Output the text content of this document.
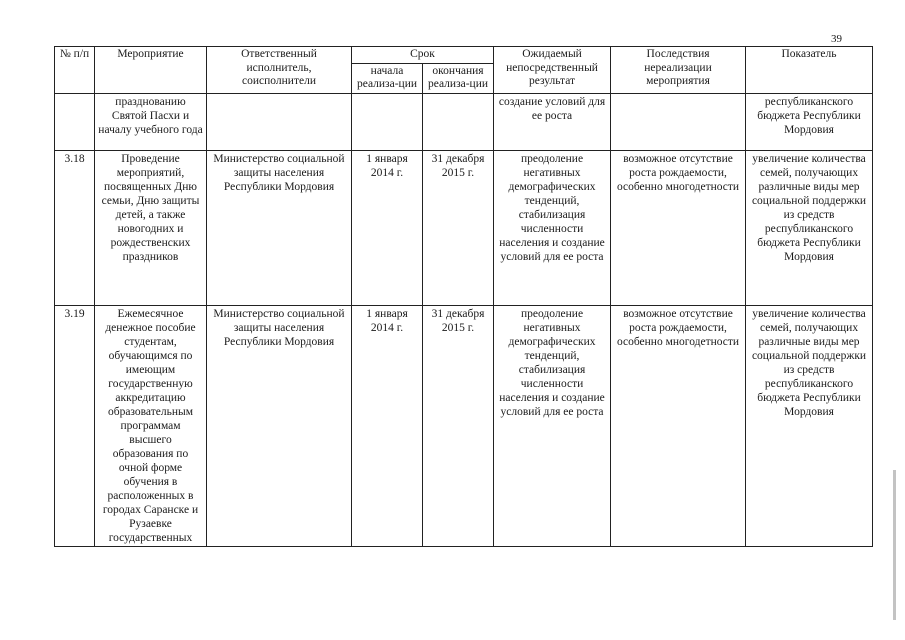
39
№ п/п	Мероприятие	Ответственный исполнитель, соисполнители	Срок		Ожидаемый непосредственный результат	Последствия нереализации мероприятия	Показатель
			начала реализа-ции	окончания реализа-ции			
	празднованию Святой Пасхи и началу учебного года				создание условий для ее роста		республиканского бюджета Республики Мордовия
3.18	Проведение мероприятий, посвященных Дню семьи, Дню защиты детей, а также новогодних и рождественских праздников	Министерство социальной защиты населения Республики Мордовия	1 января 2014 г.	31 декабря 2015 г.	преодоление негативных демографических тенденций, стабилизация численности населения и создание условий для ее роста	возможное отсутствие роста рождаемости, особенно многодетности	увеличение количества семей, получающих различные виды мер социальной поддержки из средств республиканского бюджета Республики Мордовия
3.19	Ежемесячное денежное пособие студентам, обучающимся по имеющим государственную аккредитацию образовательным программам высшего образования по очной форме обучения в расположенных в городах Саранске и Рузаевке государственных	Министерство социальной защиты населения Республики Мордовия	1 января 2014 г.	31 декабря 2015 г.	преодоление негативных демографических тенденций, стабилизация численности населения и создание условий для ее роста	возможное отсутствие роста рождаемости, особенно многодетности	увеличение количества семей, получающих различные виды мер социальной поддержки из средств республиканского бюджета Республики Мордовия
